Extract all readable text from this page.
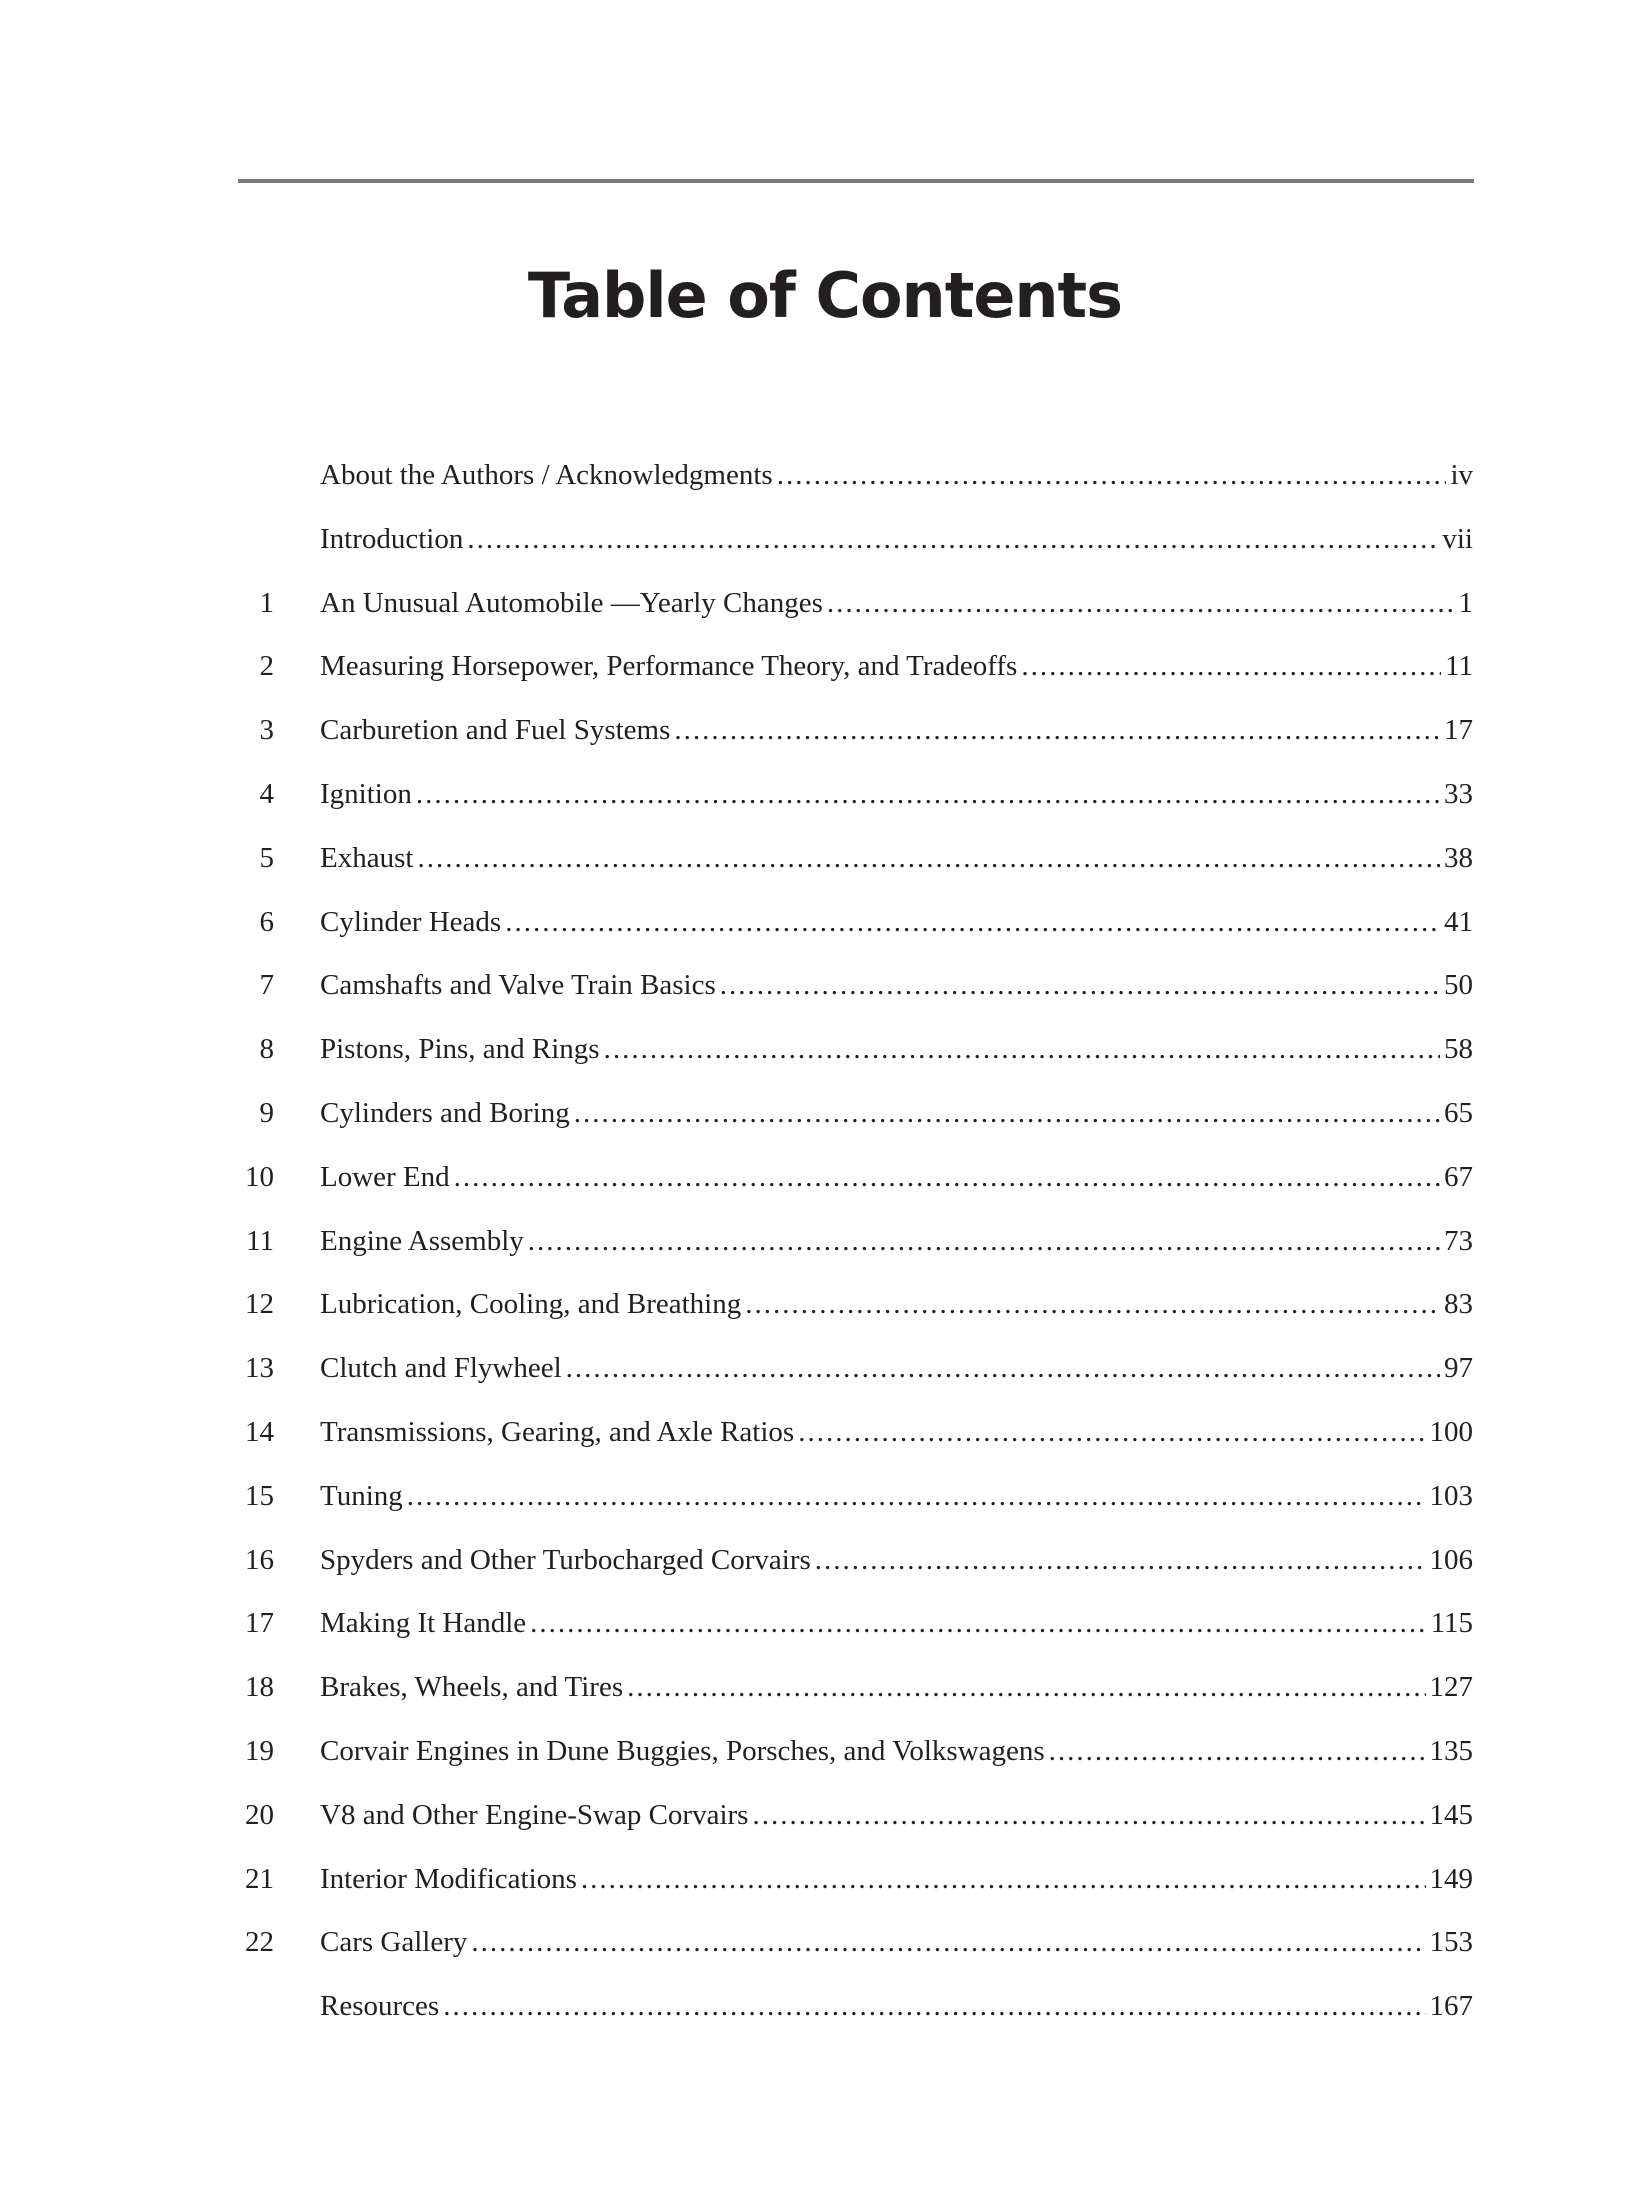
Table of Contents
About the Authors / Acknowledgments .....	iv
Introduction .....	vii
1 An Unusual Automobile —Yearly Changes .....	1
2 Measuring Horsepower, Performance Theory, and Tradeoffs .....	11
3 Carburetion and Fuel Systems .....	17
4 Ignition .....	33
5 Exhaust .....	38
6 Cylinder Heads .....	41
7 Camshafts and Valve Train Basics .....	50
8 Pistons, Pins, and Rings .....	58
9 Cylinders and Boring .....	65
10 Lower End .....	67
11 Engine Assembly .....	73
12 Lubrication, Cooling, and Breathing .....	83
13 Clutch and Flywheel .....	97
14 Transmissions, Gearing, and Axle Ratios .....	100
15 Tuning .....	103
16 Spyders and Other Turbocharged Corvairs .....	106
17 Making It Handle .....	115
18 Brakes, Wheels, and Tires .....	127
19 Corvair Engines in Dune Buggies, Porsches, and Volkswagens .....	135
20 V8 and Other Engine-Swap Corvairs .....	145
21 Interior Modifications .....	149
22 Cars Gallery .....	153
Resources .....	167
